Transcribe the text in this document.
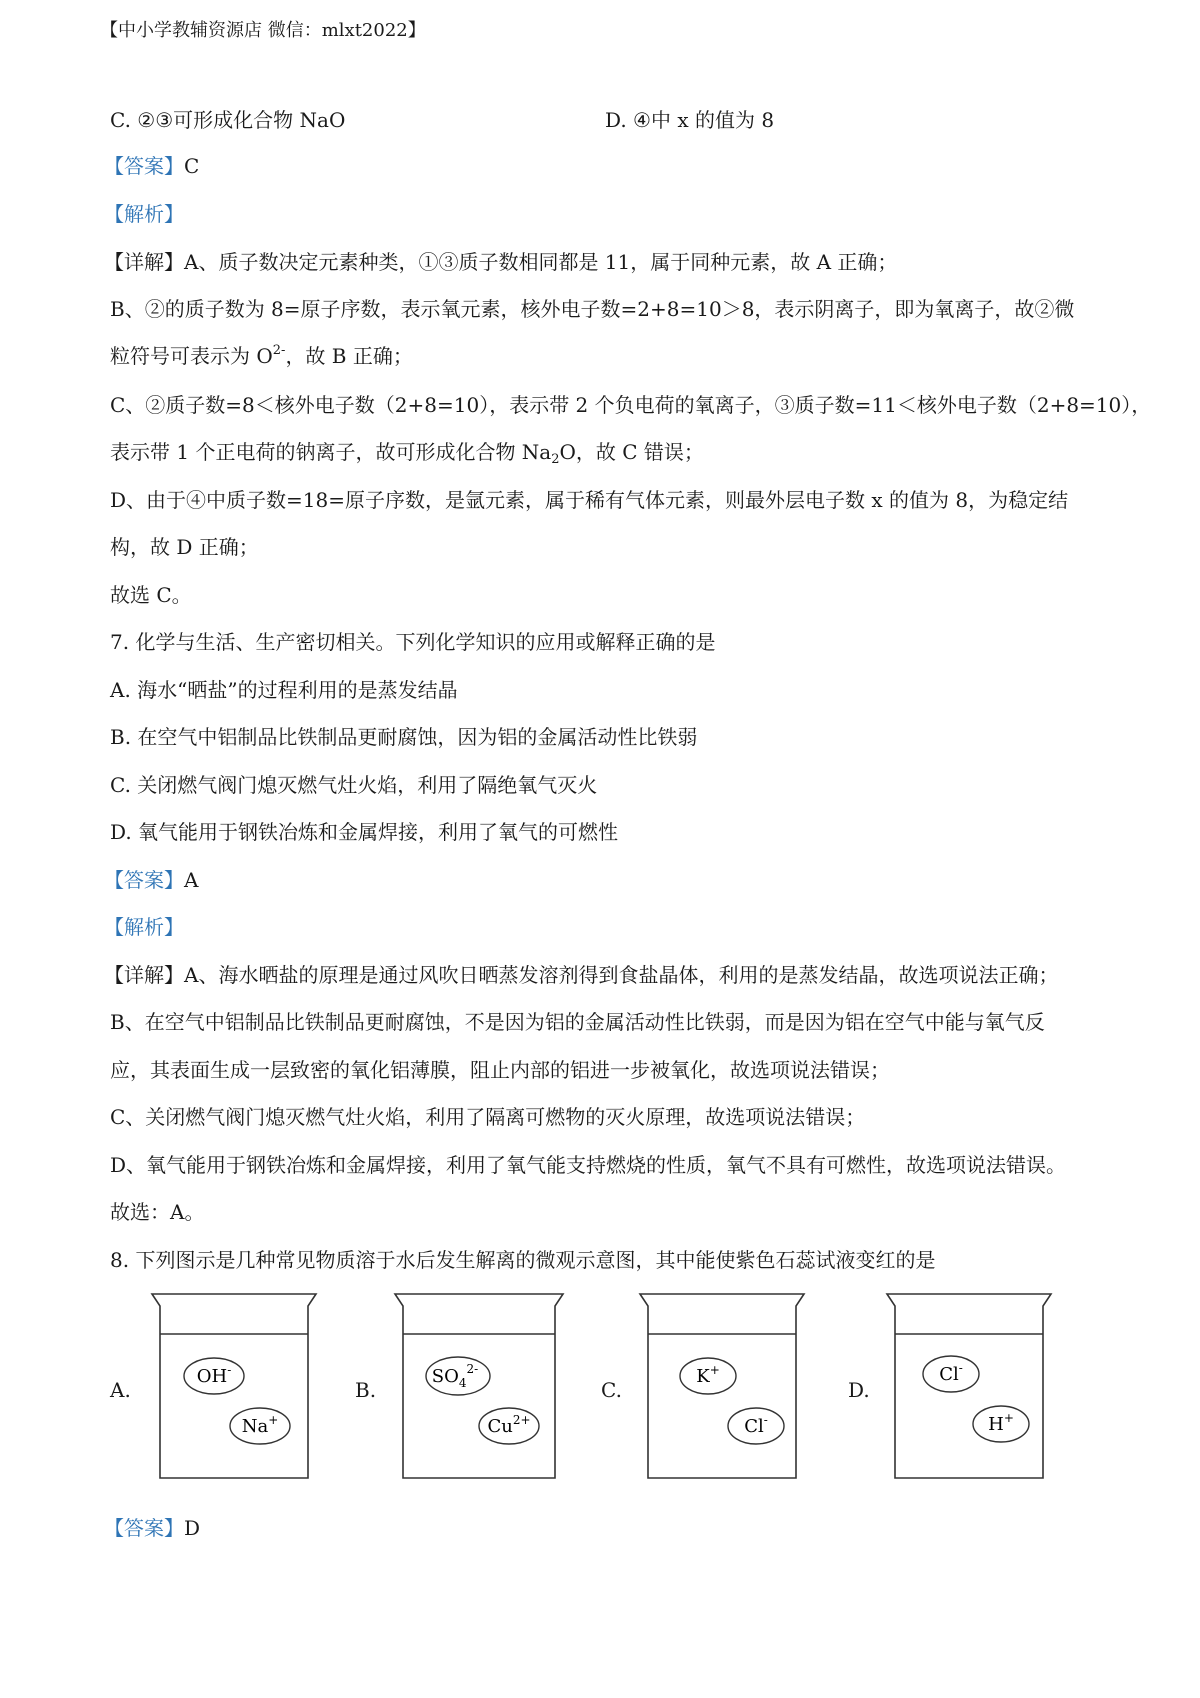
【中小学教辅资源店 微信：mlxt2022】
C. ②③可形成化合物 NaO	D. ④中 x 的值为 8
【答案】C
【解析】
【详解】A、质子数决定元素种类，①③质子数相同都是 11，属于同种元素，故 A 正确；
B、②的质子数为 8=原子序数，表示氧元素，核外电子数=2+8=10＞8，表示阴离子，即为氧离子，故②微
粒符号可表示为 $O^{2-}$，故 B 正确；
C、②质子数=8＜核外电子数（2+8=10），表示带 2 个负电荷的氧离子，③质子数=11＜核外电子数（2+8=10），
表示带 1 个正电荷的钠离子，故可形成化合物 $Na_2O$，故 C 错误；
D、由于④中质子数=18=原子序数，是氩元素，属于稀有气体元素，则最外层电子数 x 的值为 8，为稳定结
构，故 D 正确；
故选 C。
7. 化学与生活、生产密切相关。下列化学知识的应用或解释正确的是
A. 海水“晒盐”的过程利用的是蒸发结晶
B. 在空气中铝制品比铁制品更耐腐蚀，因为铝的金属活动性比铁弱
C. 关闭燃气阀门熄灭燃气灶火焰，利用了隔绝氧气灭火
D. 氧气能用于钢铁冶炼和金属焊接，利用了氧气的可燃性
【答案】A
【解析】
【详解】A、海水晒盐的原理是通过风吹日晒蒸发溶剂得到食盐晶体，利用的是蒸发结晶，故选项说法正确；
B、在空气中铝制品比铁制品更耐腐蚀，不是因为铝的金属活动性比铁弱，而是因为铝在空气中能与氧气反
应，其表面生成一层致密的氧化铝薄膜，阻止内部的铝进一步被氧化，故选项说法错误；
C、关闭燃气阀门熄灭燃气灶火焰，利用了隔离可燃物的灭火原理，故选项说法错误；
D、氧气能用于钢铁冶炼和金属焊接，利用了氧气能支持燃烧的性质，氧气不具有可燃性，故选项说法错误。
故选：A。
8. 下列图示是几种常见物质溶于水后发生解离的微观示意图，其中能使紫色石蕊试液变红的是
A.
OH-
Na+
B.
$SO_4^{2-}$
$Cu^{2+}$
C.
K+
Cl-
D.
Cl-
H+
【答案】D
